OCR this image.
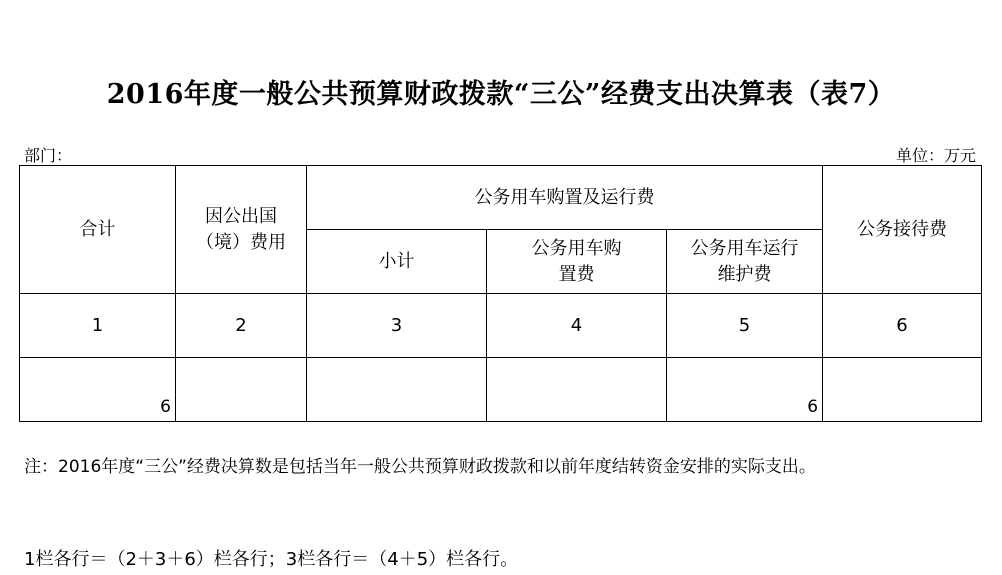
2016年度一般公共预算财政拨款“三公”经费支出决算表（表7）
部门：	单位：万元
合计	因公出国（境）费用	公务用车购置及运行费			公务接待费
		小计	公务用车购置费	公务用车运行维护费	

1	2	3	4	5	6
6				6	
注：2016年度“三公”经费决算数是包括当年一般公共预算财政拨款和以前年度结转资金安排的实际支出。
1栏各行＝（2＋3＋6）栏各行；3栏各行＝（4＋5）栏各行。
